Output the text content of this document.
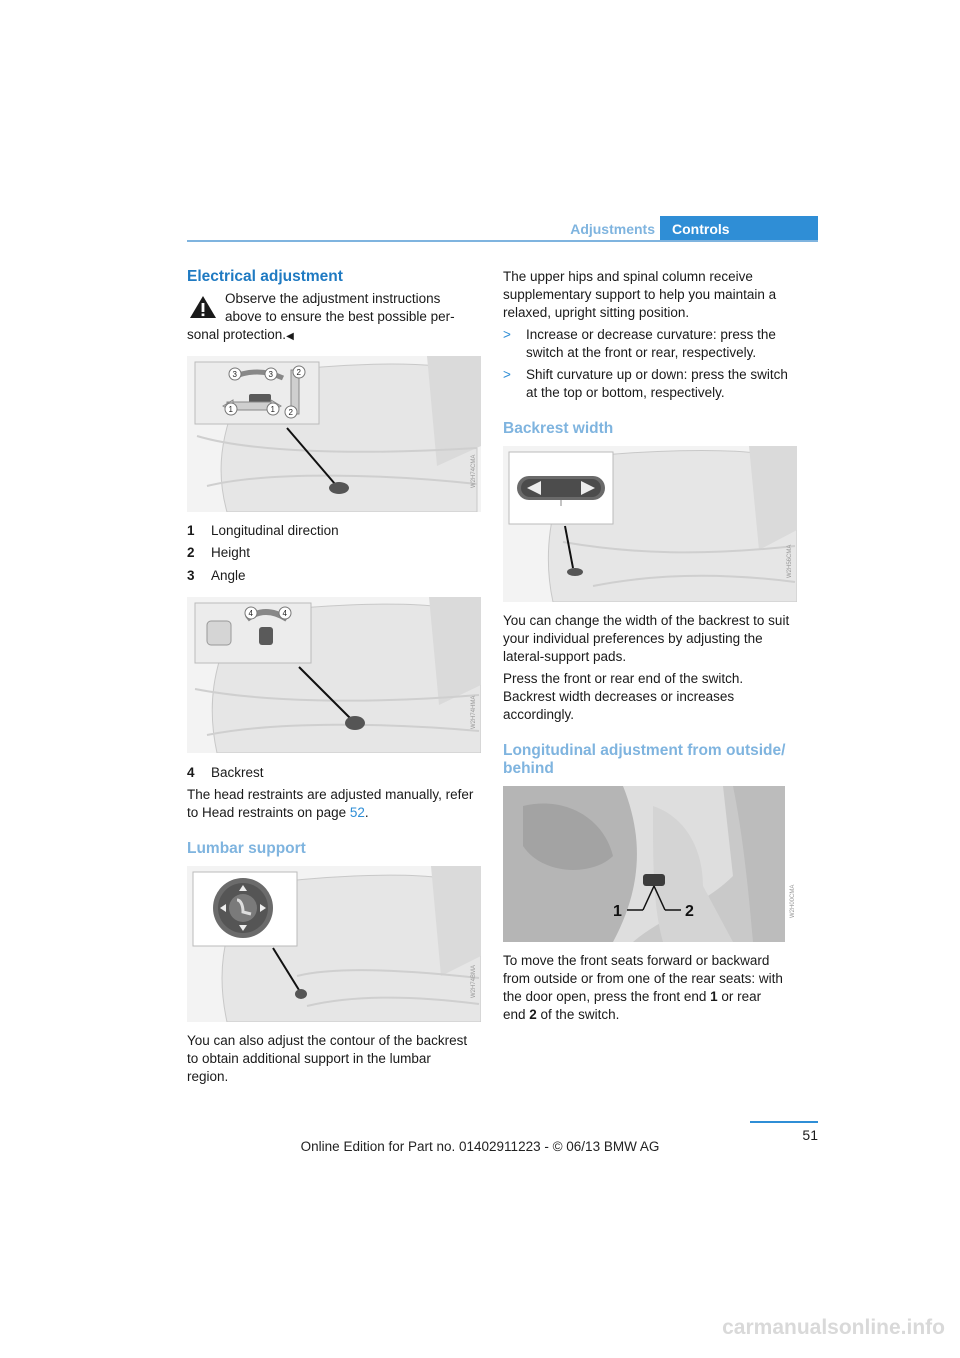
Adjustments	Controls
Electrical adjustment
Observe the adjustment instructions
above to ensure the best possible per-
sonal protection.◀
3	3	2
2
1	1
W2H74CMA
1 Longitudinal direction
2 Height
3 Angle
4	4
W2H74HMA
4 Backrest
The head restraints are adjusted manually, refer
to Head restraints on page 52.
Lumbar support
W2H74BMA
You can also adjust the contour of the backrest
to obtain additional support in the lumbar
region.
The upper hips and spinal column receive
supplementary support to help you maintain a
relaxed, upright sitting position.
> Increase or decrease curvature: press the
switch at the front or rear, respectively.
> Shift curvature up or down: press the switch
at the top or bottom, respectively.
Backrest width
W2H56CMA
You can change the width of the backrest to suit
your individual preferences by adjusting the
lateral-support pads.
Press the front or rear end of the switch.
Backrest width decreases or increases
accordingly.
Longitudinal adjustment from outside/
behind
1	2	W2H00CMA
To move the front seats forward or backward
from outside or from one of the rear seats: with
the door open, press the front end 1 or rear
end 2 of the switch.
51
Online Edition for Part no. 01402911223 - © 06/13 BMW AG
carmanualsonline.info
